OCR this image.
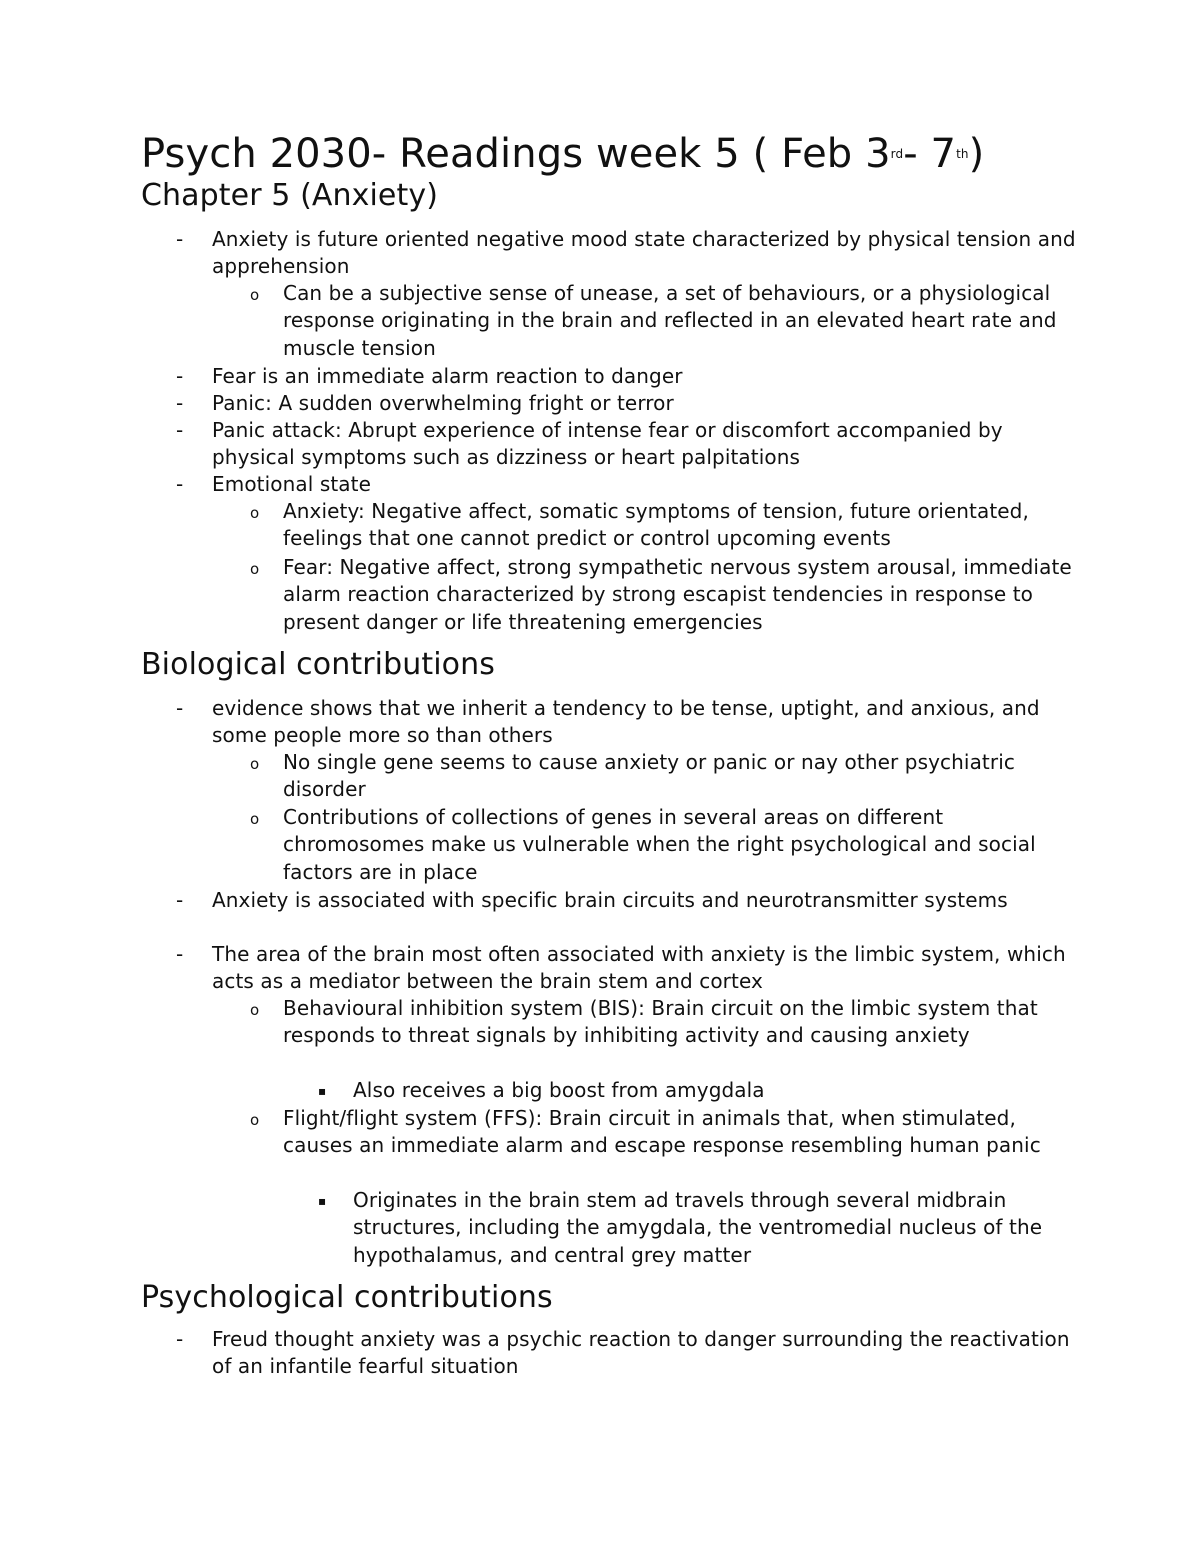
Psych 2030- Readings week 5 ( Feb 3rd- 7th)
Chapter 5 (Anxiety)
- Anxiety is future oriented negative mood state characterized by physical tension and apprehension
o Can be a subjective sense of unease, a set of behaviours, or a physiological response originating in the brain and reflected in an elevated heart rate and muscle tension
- Fear is an immediate alarm reaction to danger
- Panic: A sudden overwhelming fright or terror
- Panic attack: Abrupt experience of intense fear or discomfort accompanied by physical symptoms such as dizziness or heart palpitations
- Emotional state
o Anxiety: Negative affect, somatic symptoms of tension, future orientated, feelings that one cannot predict or control upcoming events
o Fear: Negative affect, strong sympathetic nervous system arousal, immediate alarm reaction characterized by strong escapist tendencies in response to present danger or life threatening emergencies
Biological contributions
- evidence shows that we inherit a tendency to be tense, uptight, and anxious, and some people more so than others
o No single gene seems to cause anxiety or panic or nay other psychiatric disorder
o Contributions of collections of genes in several areas on different chromosomes make us vulnerable when the right psychological and social factors are in place
- Anxiety is associated with specific brain circuits and neurotransmitter systems
- The area of the brain most often associated with anxiety is the limbic system, which acts as a mediator between the brain stem and cortex
o Behavioural inhibition system (BIS): Brain circuit on the limbic system that responds to threat signals by inhibiting activity and causing anxiety
▪ Also receives a big boost from amygdala
o Flight/flight system (FFS): Brain circuit in animals that, when stimulated, causes an immediate alarm and escape response resembling human panic
▪ Originates in the brain stem ad travels through several midbrain structures, including the amygdala, the ventromedial nucleus of the hypothalamus, and central grey matter
Psychological contributions
- Freud thought anxiety was a psychic reaction to danger surrounding the reactivation of an infantile fearful situation
